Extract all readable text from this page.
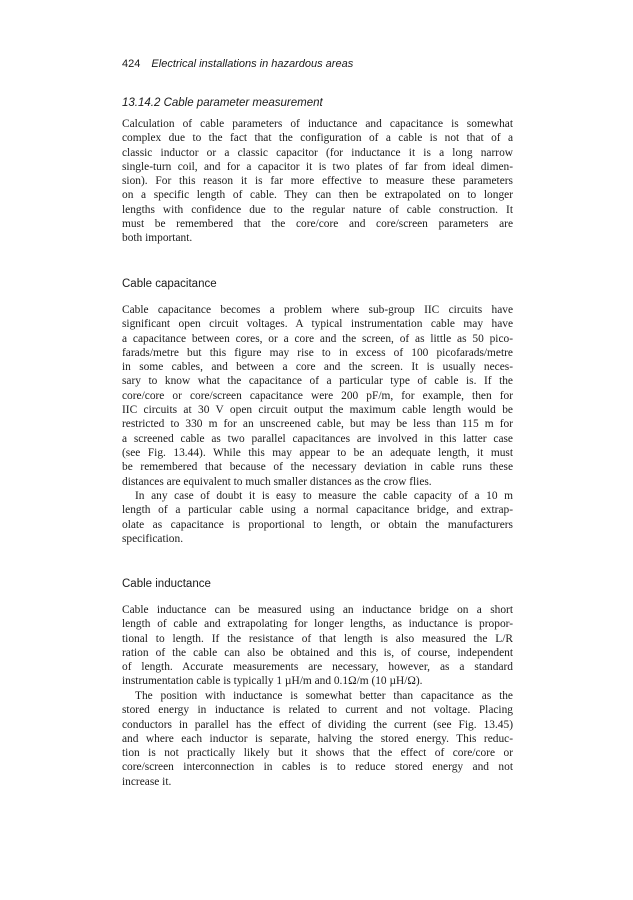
424 Electrical installations in hazardous areas
13.14.2 Cable parameter measurement
Calculation of cable parameters of inductance and capacitance is somewhat
complex due to the fact that the configuration of a cable is not that of a
classic inductor or a classic capacitor (for inductance it is a long narrow
single-turn coil, and for a capacitor it is two plates of far from ideal dimen-
sion). For this reason it is far more effective to measure these parameters
on a specific length of cable. They can then be extrapolated on to longer
lengths with confidence due to the regular nature of cable construction. It
must be remembered that the core/core and core/screen parameters are
both important.
Cable capacitance
Cable capacitance becomes a problem where sub-group IIC circuits have
significant open circuit voltages. A typical instrumentation cable may have
a capacitance between cores, or a core and the screen, of as little as 50 pico-
farads/metre but this figure may rise to in excess of 100 picofarads/metre
in some cables, and between a core and the screen. It is usually neces-
sary to know what the capacitance of a particular type of cable is. If the
core/core or core/screen capacitance were 200 pF/m, for example, then for
IIC circuits at 30 V open circuit output the maximum cable length would be
restricted to 330 m for an unscreened cable, but may be less than 115 m for
a screened cable as two parallel capacitances are involved in this latter case
(see Fig. 13.44). While this may appear to be an adequate length, it must
be remembered that because of the necessary deviation in cable runs these
distances are equivalent to much smaller distances as the crow flies.
In any case of doubt it is easy to measure the cable capacity of a 10 m
length of a particular cable using a normal capacitance bridge, and extrap-
olate as capacitance is proportional to length, or obtain the manufacturers
specification.
Cable inductance
Cable inductance can be measured using an inductance bridge on a short
length of cable and extrapolating for longer lengths, as inductance is propor-
tional to length. If the resistance of that length is also measured the L/R
ration of the cable can also be obtained and this is, of course, independent
of length. Accurate measurements are necessary, however, as a standard
instrumentation cable is typically 1 µH/m and 0.1Ω/m (10 µH/Ω).
The position with inductance is somewhat better than capacitance as the
stored energy in inductance is related to current and not voltage. Placing
conductors in parallel has the effect of dividing the current (see Fig. 13.45)
and where each inductor is separate, halving the stored energy. This reduc-
tion is not practically likely but it shows that the effect of core/core or
core/screen interconnection in cables is to reduce stored energy and not
increase it.
